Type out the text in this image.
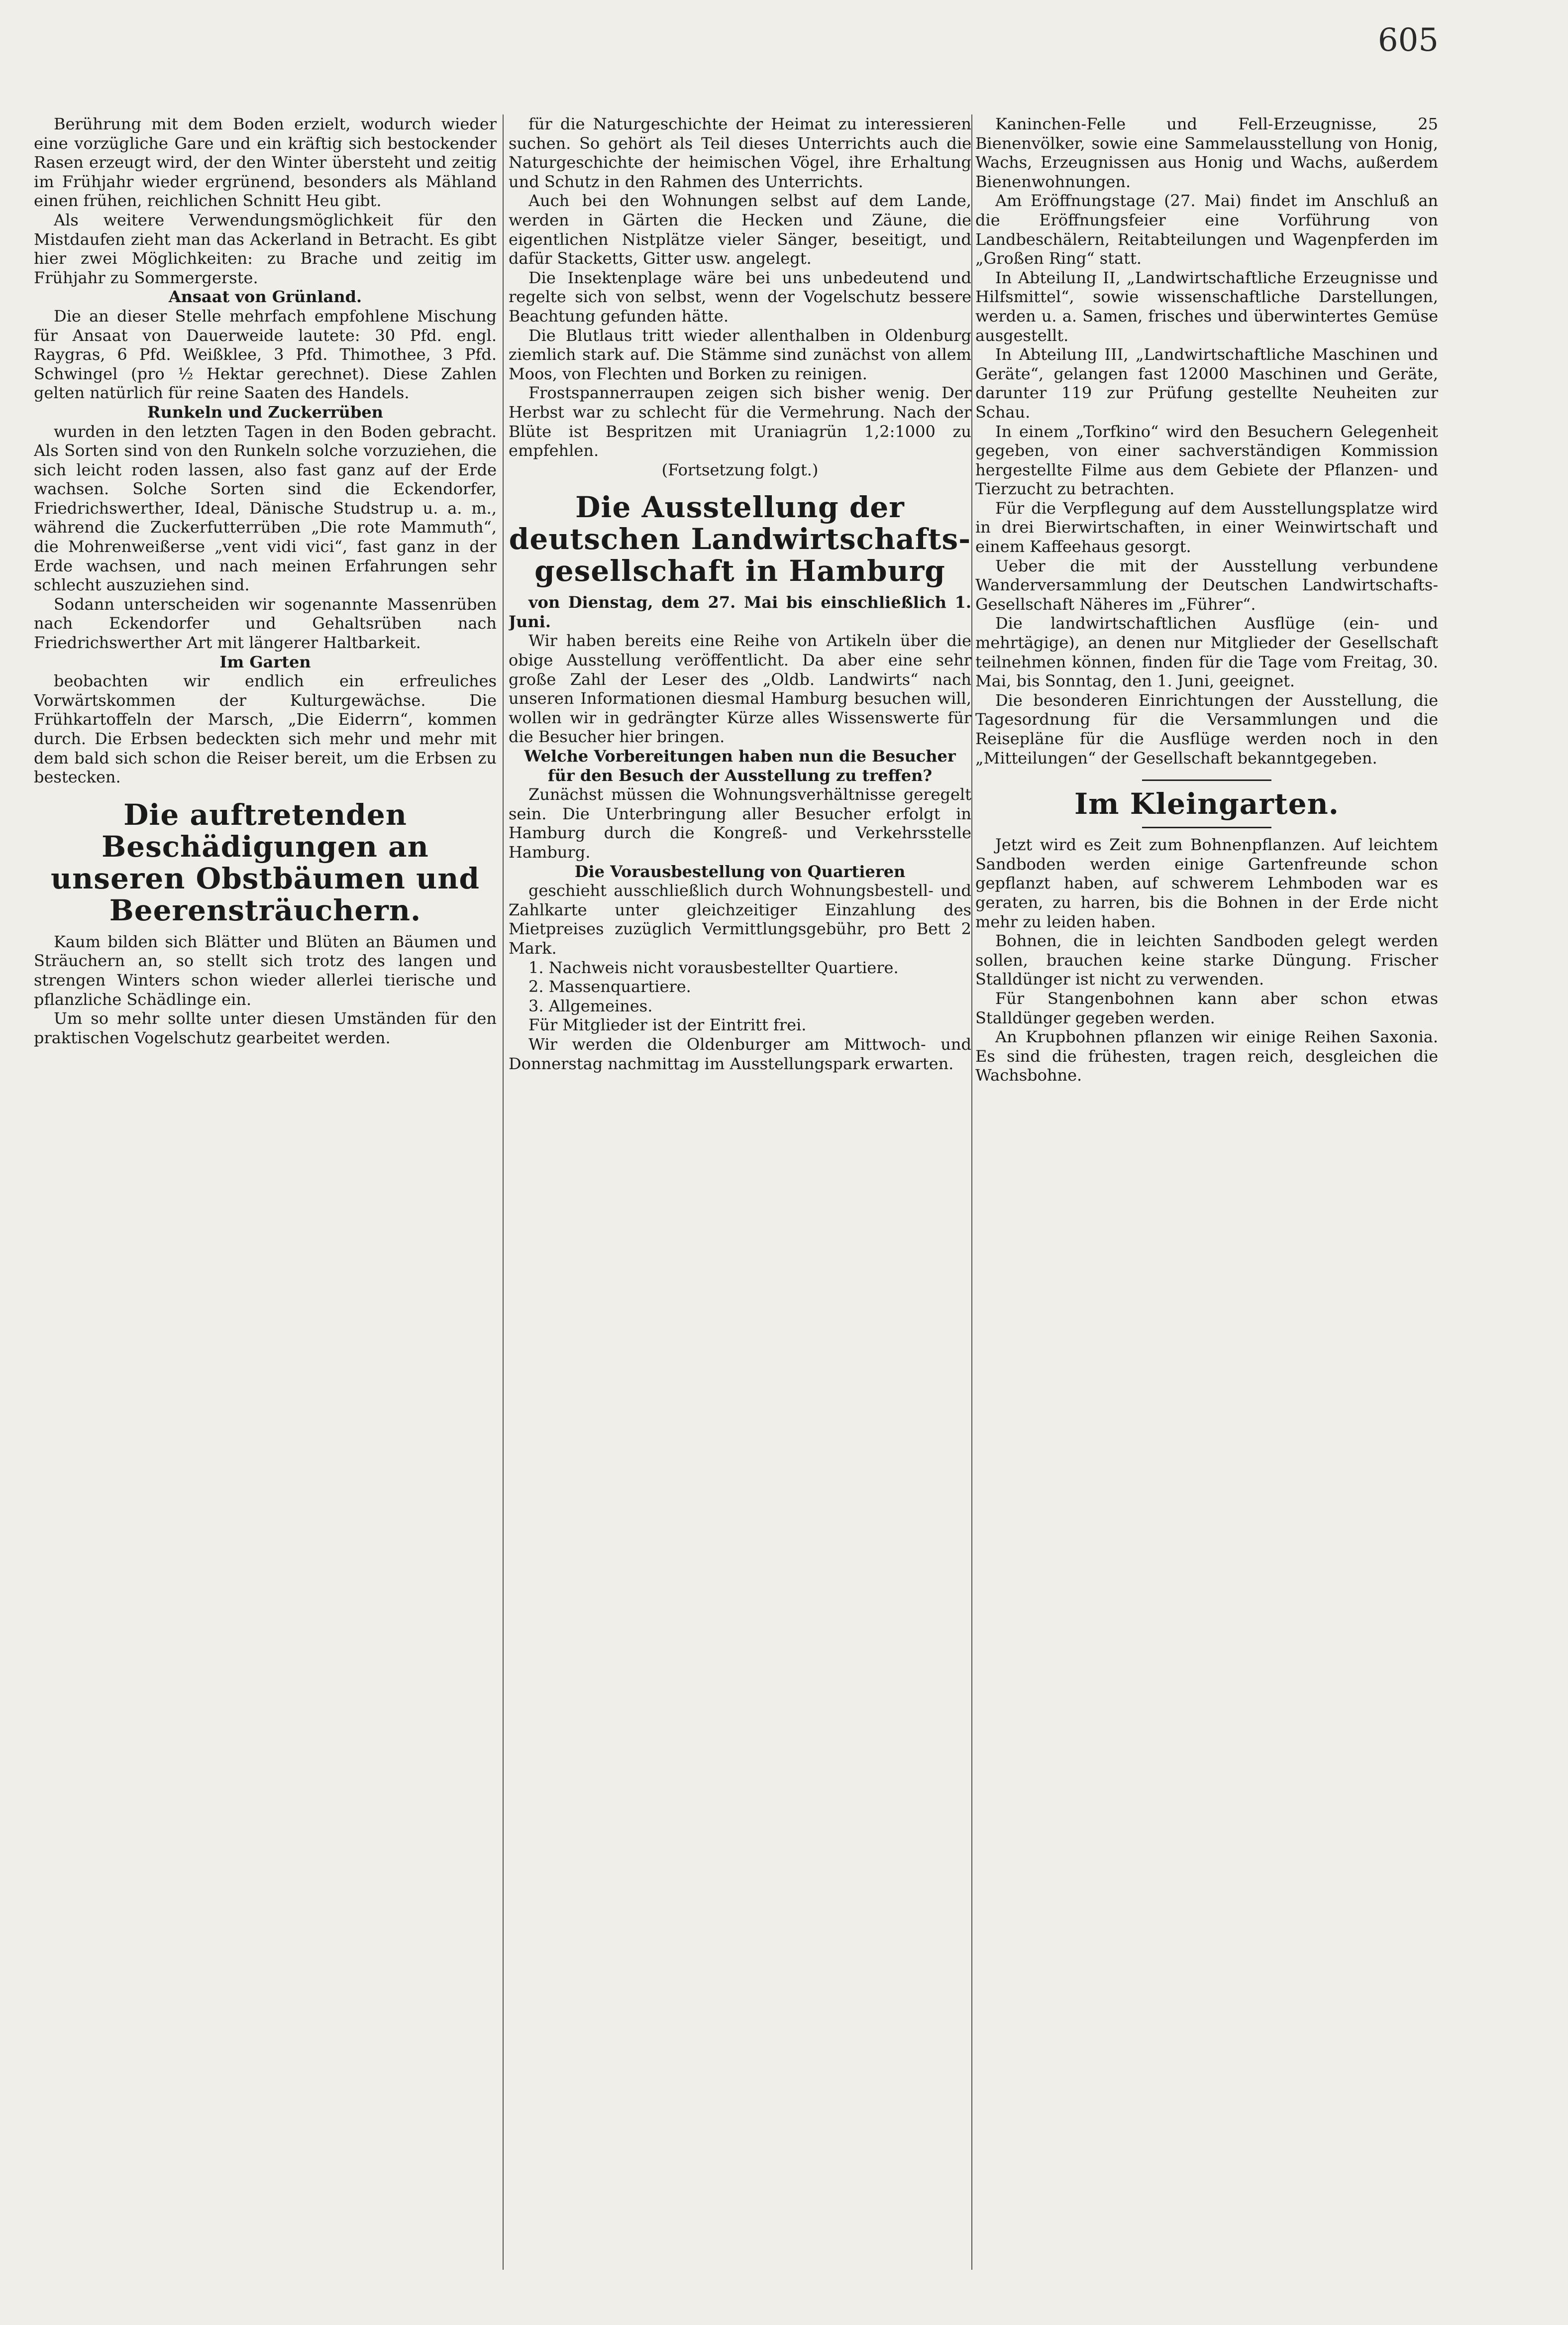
605

Berührung mit dem Boden erzielt, wodurch wieder eine vorzügliche Gare und ein kräftig sich bestockender Rasen erzeugt wird, der den Winter übersteht und zeitig im Frühjahr wieder ergrünend, besonders als Mähland einen frühen, reichlichen Schnitt Heu gibt.

Als weitere Verwendungsmöglichkeit für den Mistdaufen zieht man das Ackerland in Betracht. Es gibt hier zwei Möglichkeiten: zu Brache und zeitig im Frühjahr zu Sommergerste.

Ansaat von Grünland.

Die an dieser Stelle mehrfach empfohlene Mischung für Ansaat von Dauerweide lautete: 30 Pfd. engl. Raygras, 6 Pfd. Weißklee, 3 Pfd. Thimothee, 3 Pfd. Schwingel (pro ½ Hektar gerechnet). Diese Zahlen gelten natürlich für reine Saaten des Handels.

Runkeln und Zuckerrüben

wurden in den letzten Tagen in den Boden gebracht. Als Sorten sind von den Runkeln solche vorzuziehen, die sich leicht roden lassen, also fast ganz auf der Erde wachsen. Solche Sorten sind die Eckendorfer, Friedrichswerther, Ideal, Dänische Studstrup u. a. m., während die Zuckerfutterrüben „Die rote Mammuth“, die Mohrenweißerse „vent vidi vici“, fast ganz in der Erde wachsen, und nach meinen Erfahrungen sehr schlecht auszuziehen sind.

Sodann unterscheiden wir sogenannte Massenrüben nach Eckendorfer und Gehaltsrüben nach Friedrichswerther Art mit längerer Haltbarkeit.

Im Garten

beobachten wir endlich ein erfreuliches Vorwärtskommen der Kulturgewächse. Die Frühkartoffeln der Marsch, „Die Eiderrn“, kommen durch. Die Erbsen bedeckten sich mehr und mehr mit dem bald sich schon die Reiser bereit, um die Erbsen zu bestecken.

Die auftretenden Beschädigungen an unseren Obstbäumen und Beerensträuchern.

Kaum bilden sich Blätter und Blüten an Bäumen und Sträuchern an, so stellt sich trotz des langen und strengen Winters schon wieder allerlei tierische und pflanzliche Schädlinge ein.

Um so mehr sollte unter diesen Umständen für den praktischen Vogelschutz gearbeitet werden.

für die Naturgeschichte der Heimat zu interessieren suchen. So gehört als Teil dieses Unterrichts auch die Naturgeschichte der heimischen Vögel, ihre Erhaltung und Schutz in den Rahmen des Unterrichts.

Auch bei den Wohnungen selbst auf dem Lande, werden in Gärten die Hecken und Zäune, die eigentlichen Nistplätze vieler Sänger, beseitigt, und dafür Stacketts, Gitter usw. angelegt.

Die Insektenplage wäre bei uns unbedeutend und regelte sich von selbst, wenn der Vogelschutz bessere Beachtung gefunden hätte.

Die Blutlaus tritt wieder allenthalben in Oldenburg ziemlich stark auf. Die Stämme sind zunächst von allem Moos, von Flechten und Borken zu reinigen.

Frostspannerraupen zeigen sich bisher wenig. Der Herbst war zu schlecht für die Vermehrung. Nach der Blüte ist Bespritzen mit Uraniagrün 1,2:1000 zu empfehlen.

(Fortsetzung folgt.)

Die Ausstellung der deutschen Landwirtschafts-gesellschaft in Hamburg

von Dienstag, dem 27. Mai bis einschließlich 1. Juni.

Wir haben bereits eine Reihe von Artikeln über die obige Ausstellung veröffentlicht. Da aber eine sehr große Zahl der Leser des „Oldb. Landwirts“ nach unseren Informationen diesmal Hamburg besuchen will, wollen wir in gedrängter Kürze alles Wissenswerte für die Besucher hier bringen.

Welche Vorbereitungen haben nun die Besucher für den Besuch der Ausstellung zu treffen?

Zunächst müssen die Wohnungsverhältnisse geregelt sein. Die Unterbringung aller Besucher erfolgt in Hamburg durch die Kongreß- und Verkehrsstelle Hamburg.

Die Vorausbestellung von Quartieren

geschieht ausschließlich durch Wohnungsbestell- und Zahlkarte unter gleichzeitiger Einzahlung des Mietpreises zuzüglich Vermittlungsgebühr, pro Bett 2 Mark.

1. Nachweis nicht vorausbestellter Quartiere.

2. Massenquartiere.

3. Allgemeines.

Für Mitglieder ist der Eintritt frei.

Wir werden die Oldenburger am Mittwoch- und Donnerstag nachmittag im Ausstellungspark erwarten.

Kaninchen-Felle und Fell-Erzeugnisse, 25 Bienenvölker, sowie eine Sammelausstellung von Honig, Wachs, Erzeugnissen aus Honig und Wachs, außerdem Bienenwohnungen.

Am Eröffnungstage (27. Mai) findet im Anschluß an die Eröffnungsfeier eine Vorführung von Landbeschälern, Reitabteilungen und Wagenpferden im „Großen Ring“ statt.

In Abteilung II, „Landwirtschaftliche Erzeugnisse und Hilfsmittel“, sowie wissenschaftliche Darstellungen, werden u. a. Samen, frisches und überwintertes Gemüse ausgestellt.

In Abteilung III, „Landwirtschaftliche Maschinen und Geräte“, gelangen fast 12000 Maschinen und Geräte, darunter 119 zur Prüfung gestellte Neuheiten zur Schau.

In einem „Torfkino“ wird den Besuchern Gelegenheit gegeben, von einer sachverständigen Kommission hergestellte Filme aus dem Gebiete der Pflanzen- und Tierzucht zu betrachten.

Für die Verpflegung auf dem Ausstellungsplatze wird in drei Bierwirtschaften, in einer Weinwirtschaft und einem Kaffeehaus gesorgt.

Ueber die mit der Ausstellung verbundene Wanderversammlung der Deutschen Landwirtschafts-Gesellschaft Näheres im „Führer“.

Die landwirtschaftlichen Ausflüge (ein- und mehrtägige), an denen nur Mitglieder der Gesellschaft teilnehmen können, finden für die Tage vom Freitag, 30. Mai, bis Sonntag, den 1. Juni, geeignet.

Die besonderen Einrichtungen der Ausstellung, die Tagesordnung für die Versammlungen und die Reisepläne für die Ausflüge werden noch in den „Mitteilungen“ der Gesellschaft bekanntgegeben.

Im Kleingarten.

Jetzt wird es Zeit zum Bohnenpflanzen. Auf leichtem Sandboden werden einige Gartenfreunde schon gepflanzt haben, auf schwerem Lehmboden war es geraten, zu harren, bis die Bohnen in der Erde nicht mehr zu leiden haben.

Bohnen, die in leichten Sandboden gelegt werden sollen, brauchen keine starke Düngung. Frischer Stalldünger ist nicht zu verwenden.

Für Stangenbohnen kann aber schon etwas Stalldünger gegeben werden.

An Krupbohnen pflanzen wir einige Reihen Saxonia. Es sind die frühesten, tragen reich, desgleichen die Wachsbohne.
